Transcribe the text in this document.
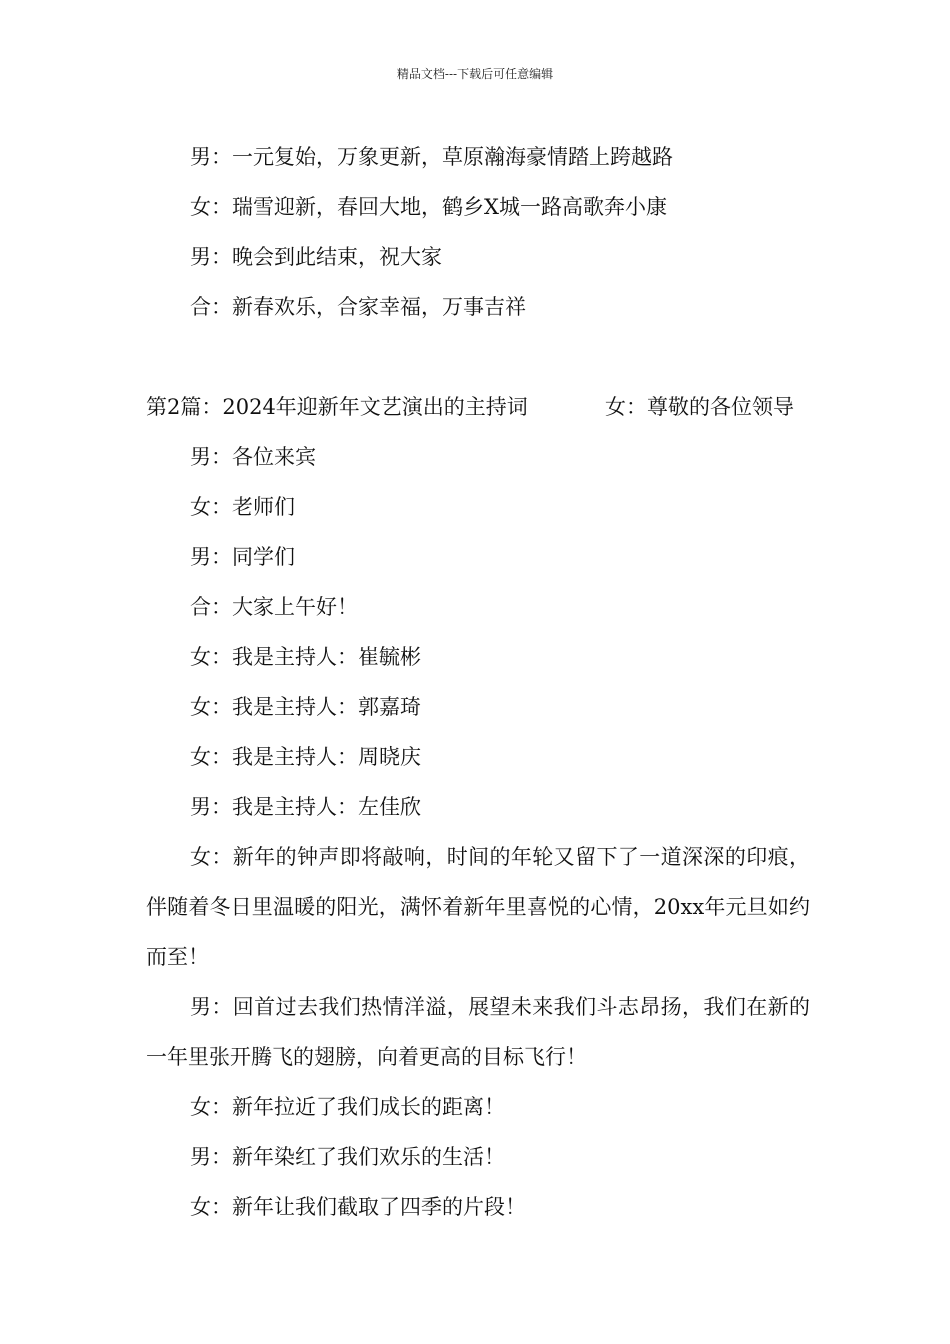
精品文档---下载后可任意编辑
男：一元复始，万象更新，草原瀚海豪情踏上跨越路
女：瑞雪迎新，春回大地，鹤乡X城一路高歌奔小康
男：晚会到此结束，祝大家
合：新春欢乐，合家幸福，万事吉祥
第2篇：2024年迎新年文艺演出的主持词	女：尊敬的各位领导
男：各位来宾
女：老师们
男：同学们
合：大家上午好！
女：我是主持人：崔毓彬
女：我是主持人：郭嘉琦
女：我是主持人：周晓庆
男：我是主持人：左佳欣
女：新年的钟声即将敲响，时间的年轮又留下了一道深深的印痕，伴随着冬日里温暖的阳光，满怀着新年里喜悦的心情，20xx年元旦如约而至！
男：回首过去我们热情洋溢，展望未来我们斗志昂扬，我们在新的一年里张开腾飞的翅膀，向着更高的目标飞行！
女：新年拉近了我们成长的距离！
男：新年染红了我们欢乐的生活！
女：新年让我们截取了四季的片段！
